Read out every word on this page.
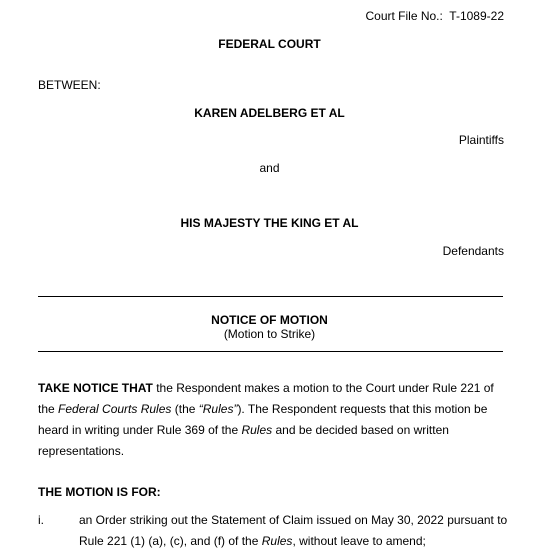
Court File No.: T-1089-22
FEDERAL COURT
BETWEEN:
KAREN ADELBERG ET AL
Plaintiffs
and
HIS MAJESTY THE KING ET AL
Defendants
NOTICE OF MOTION
(Motion to Strike)
TAKE NOTICE THAT the Respondent makes a motion to the Court under Rule 221 of the Federal Courts Rules (the “Rules”). The Respondent requests that this motion be heard in writing under Rule 369 of the Rules and be decided based on written representations.
THE MOTION IS FOR:
i.	an Order striking out the Statement of Claim issued on May 30, 2022 pursuant to Rule 221 (1) (a), (c), and (f) of the Rules, without leave to amend;
